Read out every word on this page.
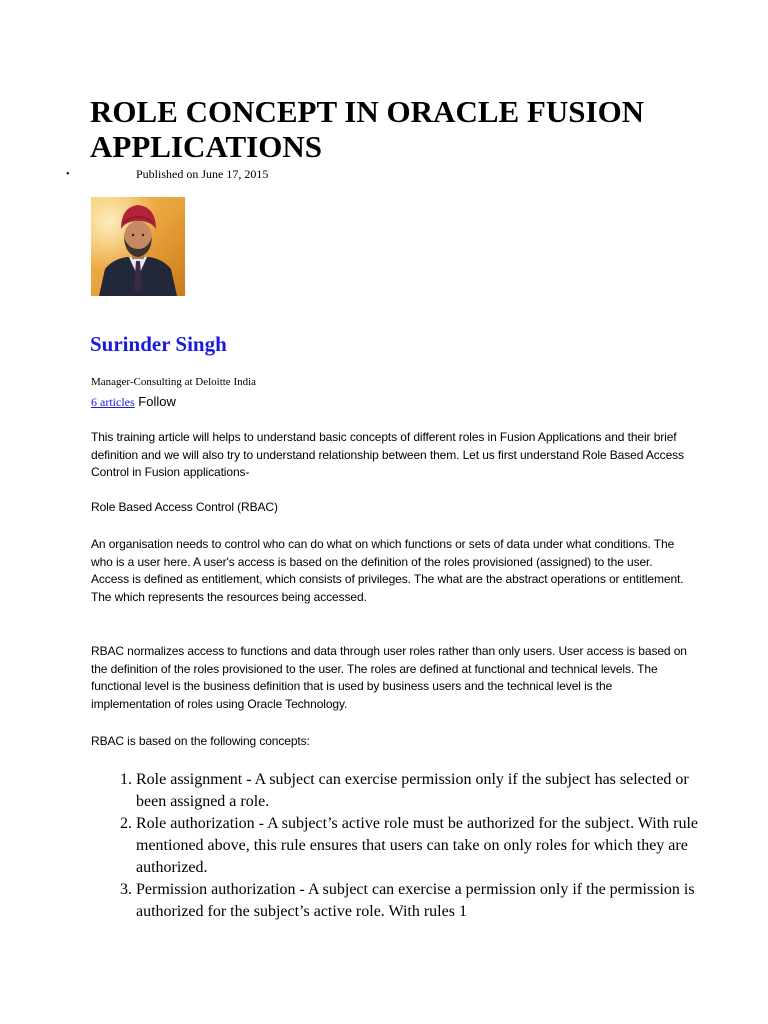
ROLE CONCEPT IN ORACLE FUSION APPLICATIONS
•	Published on June 17, 2015
Surinder Singh
Manager-Consulting at Deloitte India
6 articles Follow

This training article will helps to understand basic concepts of different roles in Fusion Applications and their brief definition and we will also try to understand relationship between them. Let us first understand Role Based Access Control in Fusion applications-

Role Based Access Control (RBAC)

An organisation needs to control who can do what on which functions or sets of data under what conditions. The who is a user here. A user's access is based on the definition of the roles provisioned (assigned) to the user. Access is defined as entitlement, which consists of privileges. The what are the abstract operations or entitlement. The which represents the resources being accessed.

RBAC normalizes access to functions and data through user roles rather than only users. User access is based on the definition of the roles provisioned to the user. The roles are defined at functional and technical levels. The functional level is the business definition that is used by business users and the technical level is the implementation of roles using Oracle Technology.

RBAC is based on the following concepts:

1. Role assignment - A subject can exercise permission only if the subject has selected or been assigned a role.
2. Role authorization - A subject’s active role must be authorized for the subject. With rule mentioned above, this rule ensures that users can take on only roles for which they are authorized.
3. Permission authorization - A subject can exercise a permission only if the permission is authorized for the subject’s active role. With rules 1
